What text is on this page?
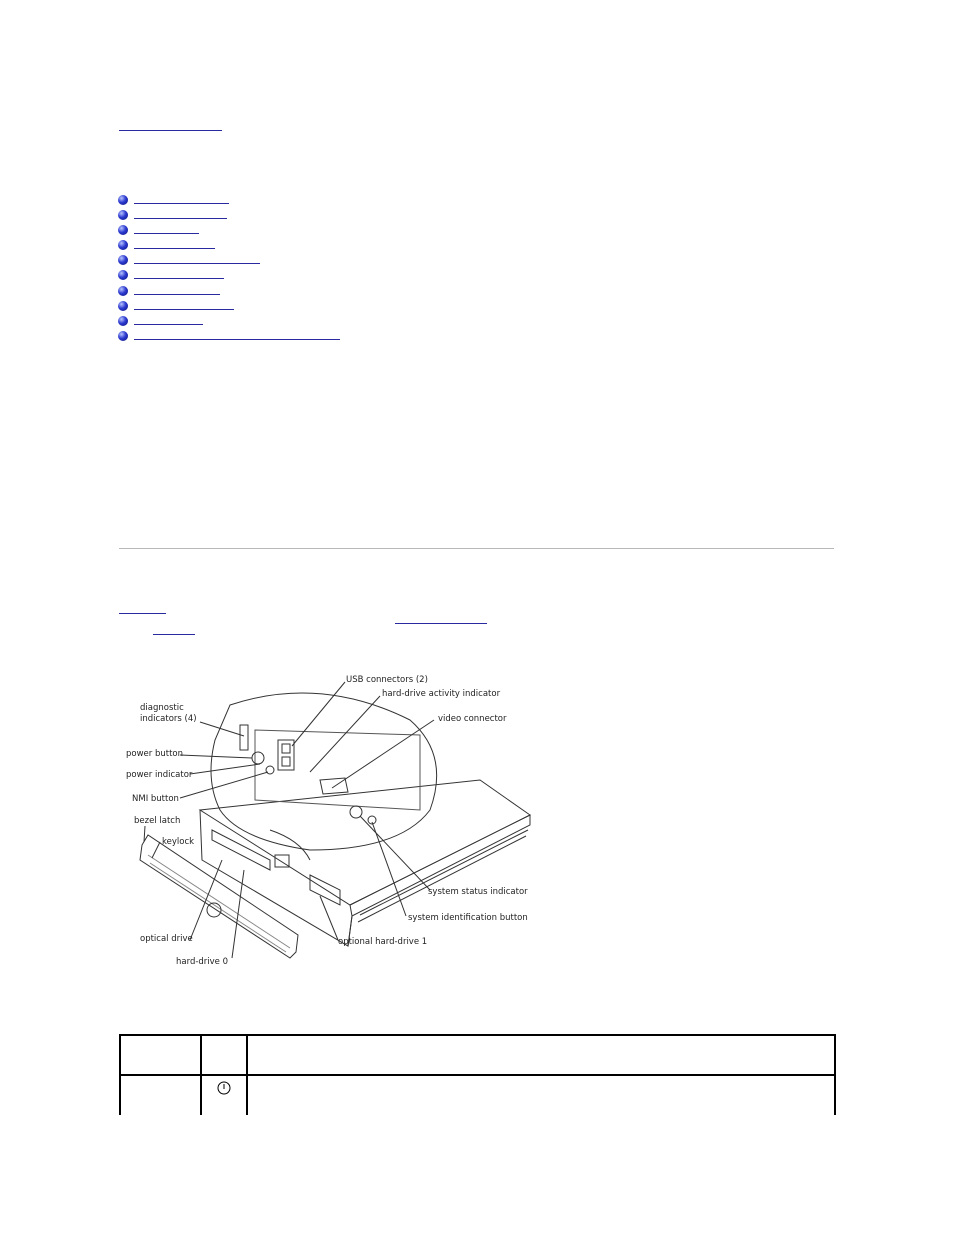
USB connectors (2)
hard-drive activity indicator
video connector
diagnostic
indicators (4)
power button
power indicator
NMI button
bezel latch
keylock
system status indicator
system identification button
optional hard-drive 1
optical drive
hard-drive 0
